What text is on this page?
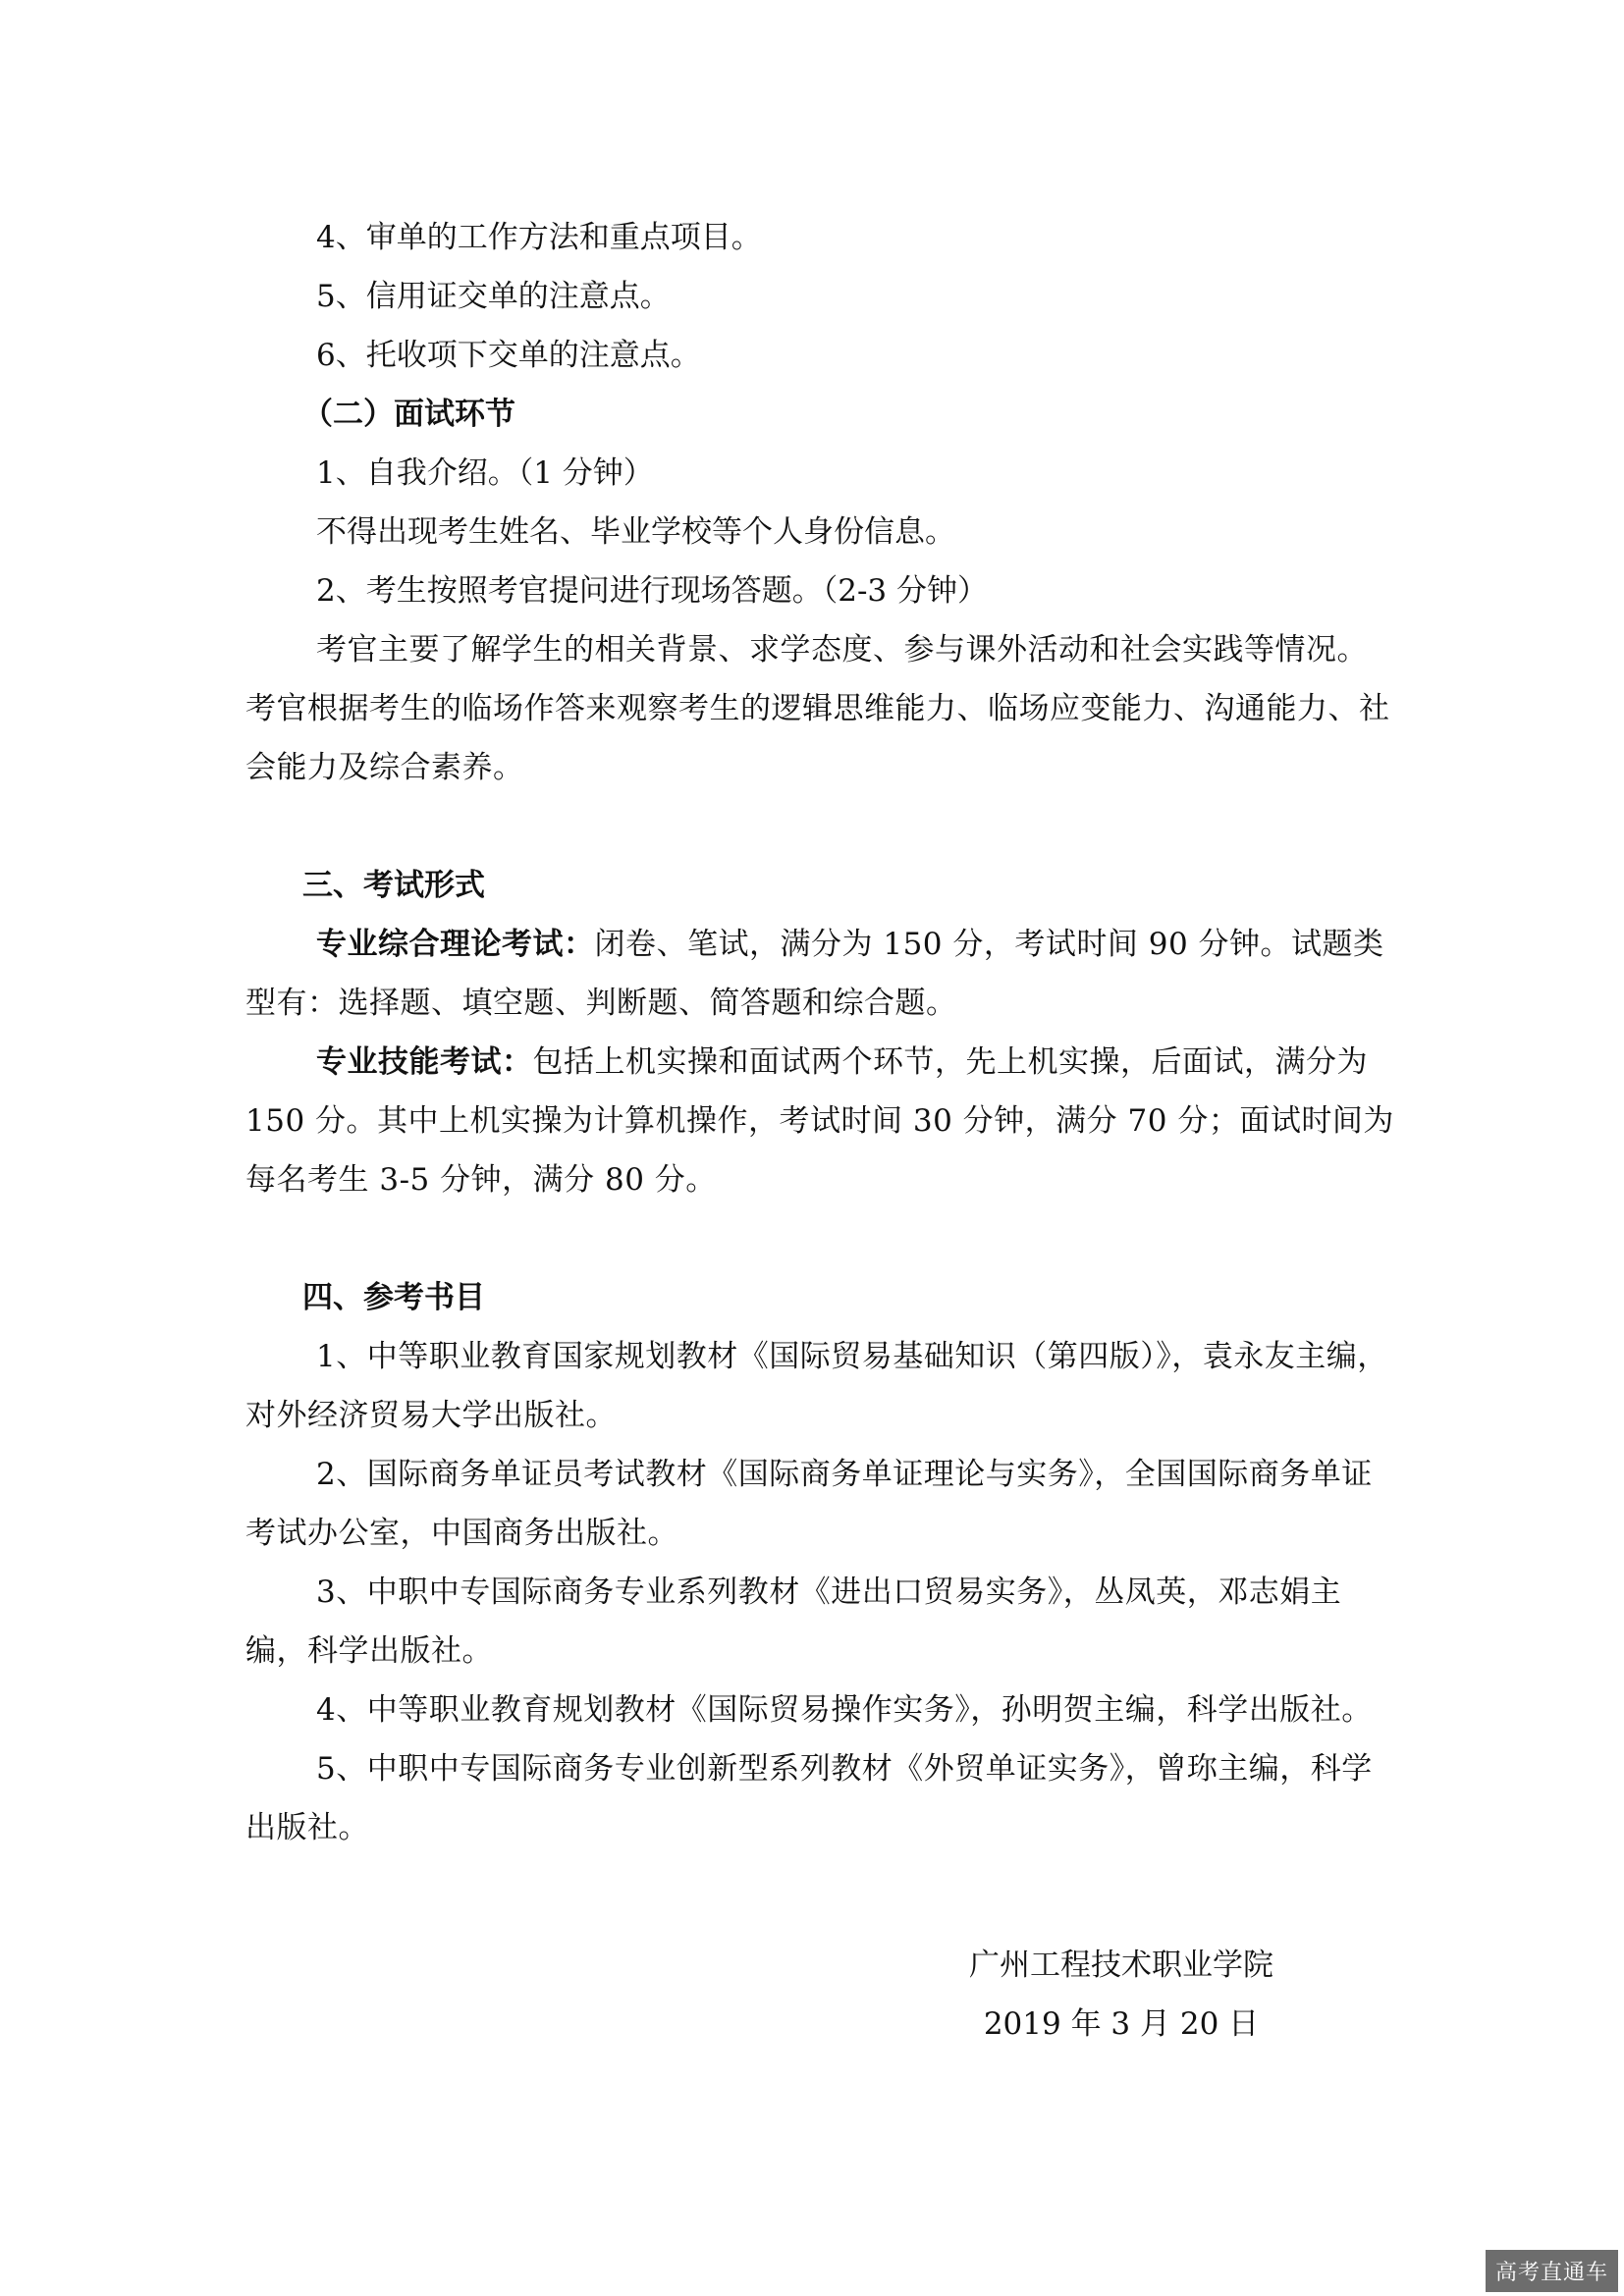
4、审单的工作方法和重点项目。

5、信用证交单的注意点。

6、托收项下交单的注意点。

（二）面试环节

1、自我介绍。（1 分钟）

不得出现考生姓名、毕业学校等个人身份信息。

2、考生按照考官提问进行现场答题。（2-3 分钟）

考官主要了解学生的相关背景、求学态度、参与课外活动和社会实践等情况。考官根据考生的临场作答来观察考生的逻辑思维能力、临场应变能力、沟通能力、社会能力及综合素养。

三、考试形式

专业综合理论考试：闭卷、笔试，满分为 150 分，考试时间 90 分钟。试题类型有：选择题、填空题、判断题、简答题和综合题。

专业技能考试：包括上机实操和面试两个环节，先上机实操，后面试，满分为 150 分。其中上机实操为计算机操作，考试时间 30 分钟，满分 70 分；面试时间为每名考生 3-5 分钟，满分 80 分。

四、参考书目

1、中等职业教育国家规划教材《国际贸易基础知识（第四版）》，袁永友主编，对外经济贸易大学出版社。

2、国际商务单证员考试教材《国际商务单证理论与实务》，全国国际商务单证考试办公室，中国商务出版社。

3、中职中专国际商务专业系列教材《进出口贸易实务》，丛凤英，邓志娟主编，科学出版社。

4、中等职业教育规划教材《国际贸易操作实务》，孙明贺主编，科学出版社。

5、中职中专国际商务专业创新型系列教材《外贸单证实务》，曾珎主编，科学出版社。

广州工程技术职业学院
2019 年 3 月 20 日
高考直通车
